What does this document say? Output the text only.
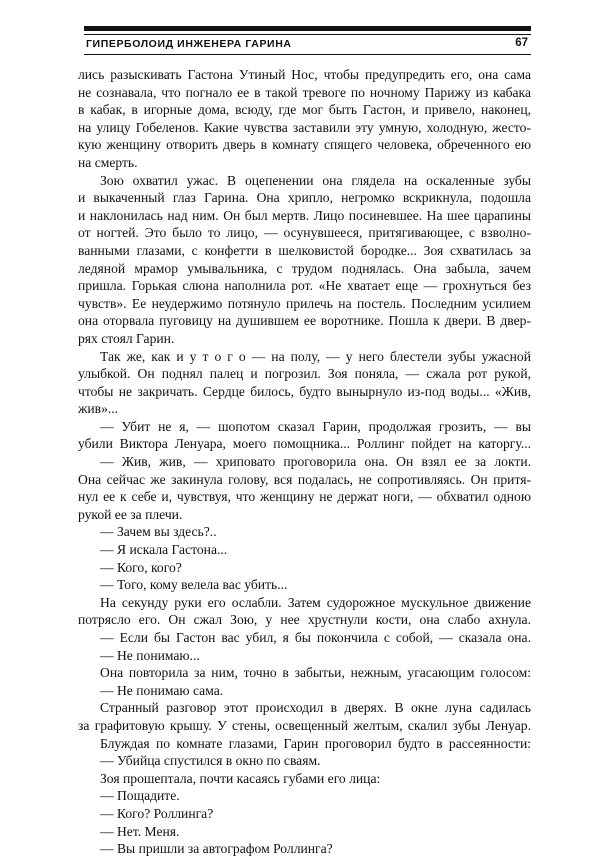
ГИПЕРБОЛОИД ИНЖЕНЕРА ГАРИНА	67

лись разыскивать Гастона Утиный Нос, чтобы предупредить его, она сама

не сознавала, что погнало ее в такой тревоге по ночному Парижу из кабака

в кабак, в игорные дома, всюду, где мог быть Гастон, и привело, наконец,

на улицу Гобеленов. Какие чувства заставили эту умную, холодную, жесто-

кую женщину отворить дверь в комнату спящего человека, обреченного ею

на смерть.

Зою охватил ужас. В оцепенении она глядела на оскаленные зубы

и выкаченный глаз Гарина. Она хрипло, негромко вскрикнула, подошла

и наклонилась над ним. Он был мертв. Лицо посиневшее. На шее царапины

от ногтей. Это было то лицо, — осунувшееся, притягивающее, с взволно-

ванными глазами, с конфетти в шелковистой бородке... Зоя схватилась за

ледяной мрамор умывальника, с трудом поднялась. Она забыла, зачем

пришла. Горькая слюна наполнила рот. «Не хватает еще — грохнуться без

чувств». Ее неудержимо потянуло прилечь на постель. Последним усилием

она оторвала пуговицу на душившем ее воротнике. Пошла к двери. В двер-

рях стоял Гарин.

Так же, как и у т о г о — на полу, — у него блестели зубы ужасной

улыбкой. Он поднял палец и погрозил. Зоя поняла, — сжала рот рукой,

чтобы не закричать. Сердце билось, будто вынырнуло из-под воды... «Жив,

жив»...

— Убит не я, — шопотом сказал Гарин, продолжая грозить, — вы

убили Виктора Ленуара, моего помощника... Роллинг пойдет на каторгу...

— Жив, жив, — хриповато проговорила она. Он взял ее за локти.

Она сейчас же закинула голову, вся подалась, не сопротивляясь. Он притя-

нул ее к себе и, чувствуя, что женщину не держат ноги, — обхватил одною

рукой ее за плечи.

— Зачем вы здесь?..

— Я искала Гастона...

— Кого, кого?

— Того, кому велела вас убить...

На секунду руки его ослабли. Затем судорожное мускульное движение

потрясло его. Он сжал Зою, у нее хрустнули кости, она слабо ахнула.

— Если бы Гастон вас убил, я бы покончила с собой, — сказала она.

— Не понимаю...

Она повторила за ним, точно в забытьи, нежным, угасающим голосом:

— Не понимаю сама.

Странный разговор этот происходил в дверях. В окне луна садилась

за графитовую крышу. У стены, освещенный желтым, скалил зубы Ленуар.

Блуждая по комнате глазами, Гарин проговорил будто в рассеянности:

— Убийца спустился в окно по сваям.

Зоя прошептала, почти касаясь губами его лица:

— Пощадите.

— Кого? Роллинга?

— Нет. Меня.

— Вы пришли за автографом Роллинга?
